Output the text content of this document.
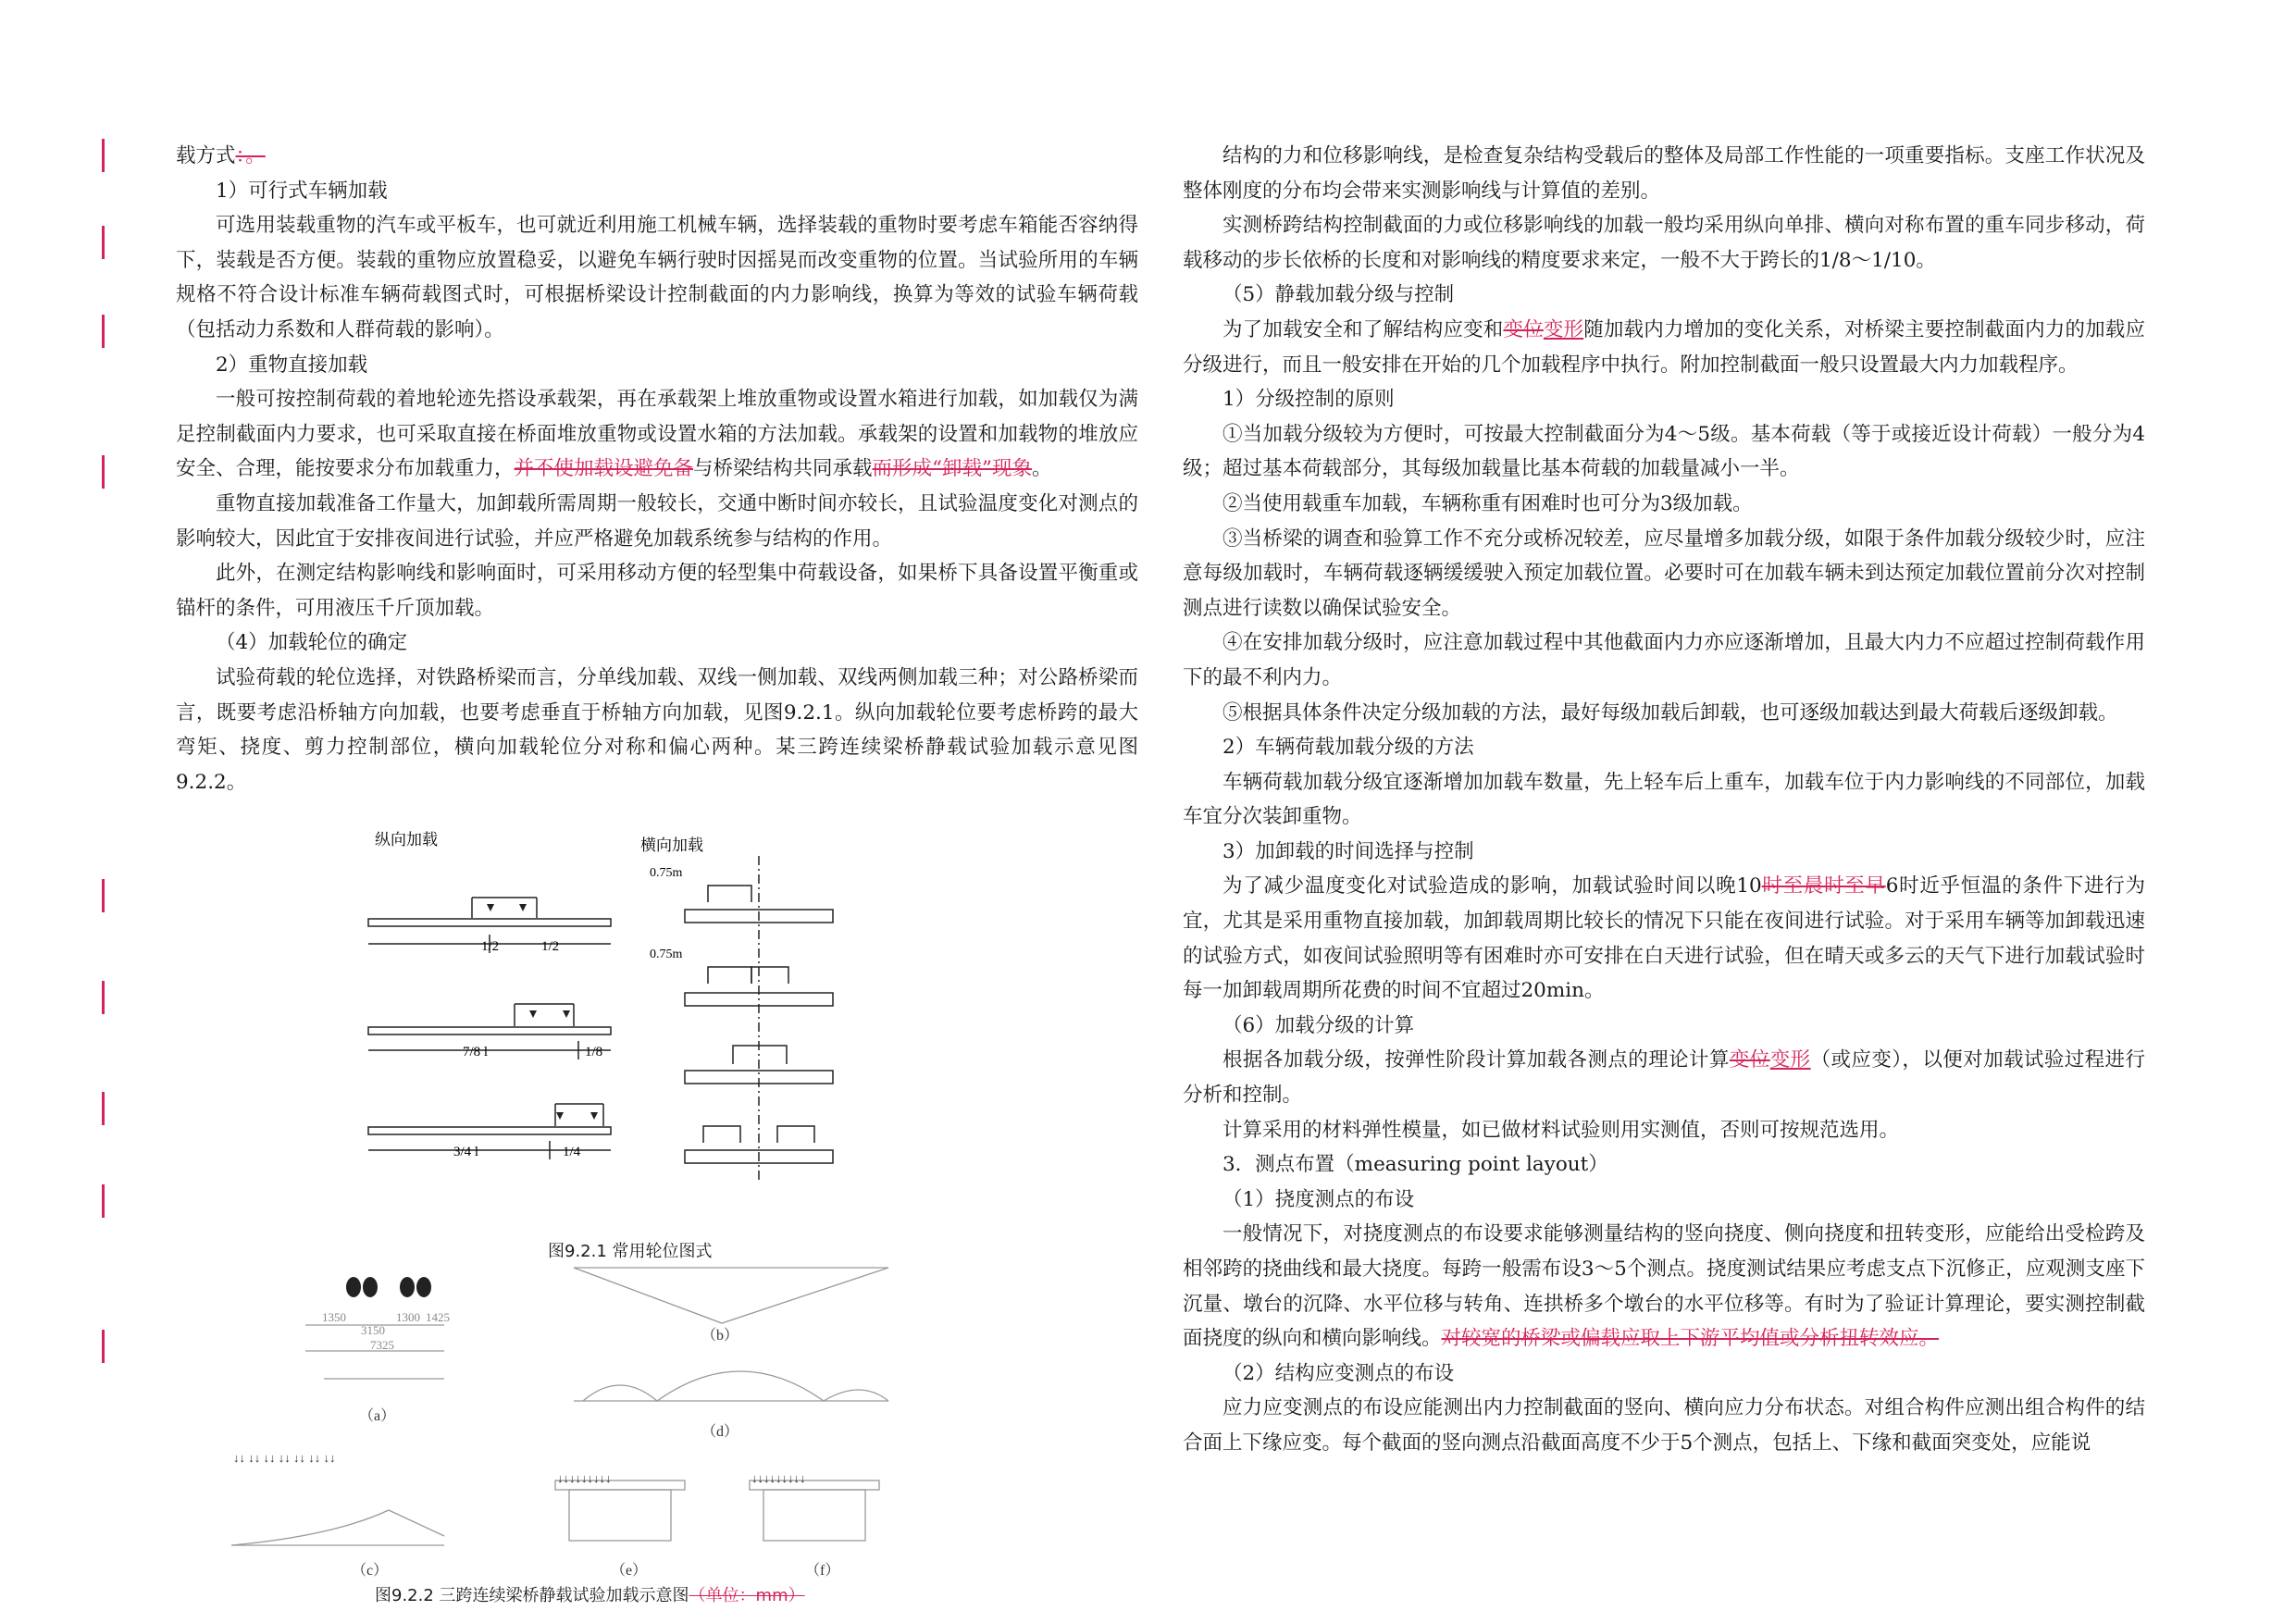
载方式：。

1）可行式车辆加载

可选用装载重物的汽车或平板车，也可就近利用施工机械车辆，选择装载的重物时要考虑车箱能否容纳得下，装载是否方便。装载的重物应放置稳妥，以避免车辆行驶时因摇晃而改变重物的位置。当试验所用的车辆规格不符合设计标准车辆荷载图式时，可根据桥梁设计控制截面的内力影响线，换算为等效的试验车辆荷载（包括动力系数和人群荷载的影响）。

2）重物直接加载

一般可按控制荷载的着地轮迹先搭设承载架，再在承载架上堆放重物或设置水箱进行加载，如加载仅为满足控制截面内力要求，也可采取直接在桥面堆放重物或设置水箱的方法加载。承载架的设置和加载物的堆放应安全、合理，能按要求分布加载重力，并不使加载设避免备与桥梁结构共同承载而形成“卸载”现象。

重物直接加载准备工作量大，加卸载所需周期一般较长，交通中断时间亦较长，且试验温度变化对测点的影响较大，因此宜于安排夜间进行试验，并应严格避免加载系统参与结构的作用。

此外，在测定结构影响线和影响面时，可采用移动方便的轻型集中荷载设备，如果桥下具备设置平衡重或锚杆的条件，可用液压千斤顶加载。

（4）加载轮位的确定

试验荷载的轮位选择，对铁路桥梁而言，分单线加载、双线一侧加载、双线两侧加载三种；对公路桥梁而言，既要考虑沿桥轴方向加载，也要考虑垂直于桥轴方向加载，见图9.2.1。纵向加载轮位要考虑桥跨的最大弯矩、挠度、剪力控制部位，横向加载轮位分对称和偏心两种。某三跨连续梁桥静载试验加载示意见图9.2.2。

纵向加载	横向加载
1/2	1/2
7/8 l	1/8
3/4 l	1/4
0.75m
0.75m
图9.2.1 常用轮位图式
↓↓ ↓↓ ↓↓ ↓↓ ↓↓ ↓↓ ↓↓
↓↓↓↓↓↓↓↓↓	↓↓↓↓↓↓↓↓↓
1350
3150
1300 1425
7325
（a）
（b）
（c）
（d）
（e）	（f）
图9.2.2 三跨连续梁桥静载试验加载示意图（单位：mm）

结构的力和位移影响线，是检查复杂结构受载后的整体及局部工作性能的一项重要指标。支座工作状况及整体刚度的分布均会带来实测影响线与计算值的差别。

实测桥跨结构控制截面的力或位移影响线的加载一般均采用纵向单排、横向对称布置的重车同步移动，荷载移动的步长依桥的长度和对影响线的精度要求来定，一般不大于跨长的1/8～1/10。

（5）静载加载分级与控制

为了加载安全和了解结构应变和变位变形随加载内力增加的变化关系，对桥梁主要控制截面内力的加载应分级进行，而且一般安排在开始的几个加载程序中执行。附加控制截面一般只设置最大内力加载程序。

1）分级控制的原则

①当加载分级较为方便时，可按最大控制截面分为4～5级。基本荷载（等于或接近设计荷载）一般分为4级；超过基本荷载部分，其每级加载量比基本荷载的加载量减小一半。

②当使用载重车加载，车辆称重有困难时也可分为3级加载。

③当桥梁的调查和验算工作不充分或桥况较差，应尽量增多加载分级，如限于条件加载分级较少时，应注意每级加载时，车辆荷载逐辆缓缓驶入预定加载位置。必要时可在加载车辆未到达预定加载位置前分次对控制测点进行读数以确保试验安全。

④在安排加载分级时，应注意加载过程中其他截面内力亦应逐渐增加，且最大内力不应超过控制荷载作用下的最不利内力。

⑤根据具体条件决定分级加载的方法，最好每级加载后卸载，也可逐级加载达到最大荷载后逐级卸载。

2）车辆荷载加载分级的方法

车辆荷载加载分级宜逐渐增加加载车数量，先上轻车后上重车，加载车位于内力影响线的不同部位，加载车宜分次装卸重物。

3）加卸载的时间选择与控制

为了减少温度变化对试验造成的影响，加载试验时间以晚10时至晨时至早6时近乎恒温的条件下进行为宜，尤其是采用重物直接加载，加卸载周期比较长的情况下只能在夜间进行试验。对于采用车辆等加卸载迅速的试验方式，如夜间试验照明等有困难时亦可安排在白天进行试验，但在晴天或多云的天气下进行加载试验时每一加卸载周期所花费的时间不宜超过20min。

（6）加载分级的计算

根据各加载分级，按弹性阶段计算加载各测点的理论计算变位变形（或应变），以便对加载试验过程进行分析和控制。

计算采用的材料弹性模量，如已做材料试验则用实测值，否则可按规范选用。

3．测点布置（measuring point layout）

（1）挠度测点的布设

一般情况下，对挠度测点的布设要求能够测量结构的竖向挠度、侧向挠度和扭转变形，应能给出受检跨及相邻跨的挠曲线和最大挠度。每跨一般需布设3～5个测点。挠度测试结果应考虑支点下沉修正，应观测支座下沉量、墩台的沉降、水平位移与转角、连拱桥多个墩台的水平位移等。有时为了验证计算理论，要实测控制截面挠度的纵向和横向影响线。对较宽的桥梁或偏载应取上下游平均值或分析扭转效应。

（2）结构应变测点的布设

应力应变测点的布设应能测出内力控制截面的竖向、横向应力分布状态。对组合构件应测出组合构件的结合面上下缘应变。每个截面的竖向测点沿截面高度不少于5个测点，包括上、下缘和截面突变处，应能说
